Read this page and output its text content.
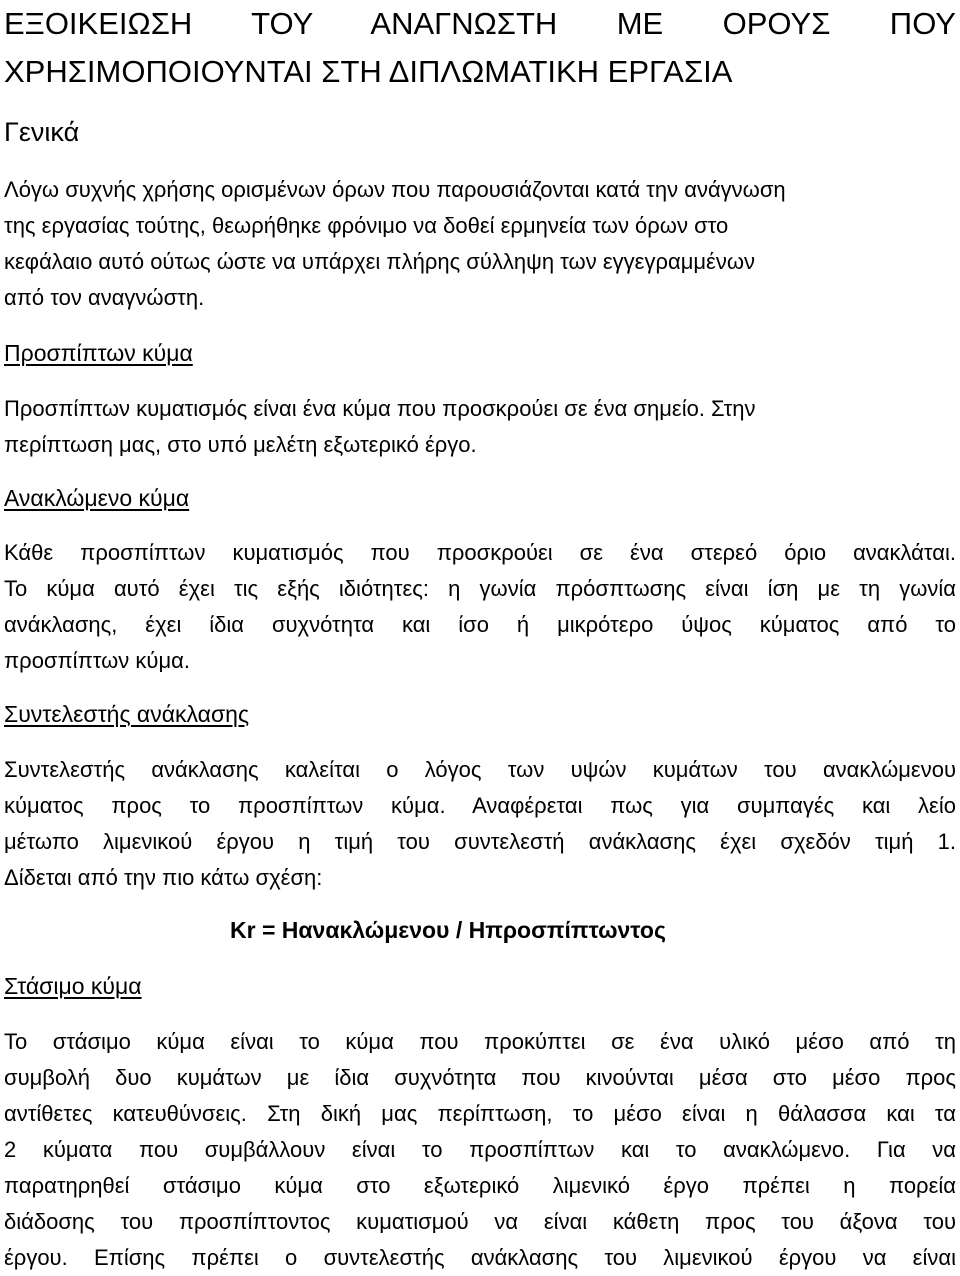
ΕΞΟΙΚΕΙΩΣΗ ΤΟΥ ΑΝΑΓΝΩΣΤΗ ΜΕ ΟΡΟΥΣ ΠΟΥ
ΧΡΗΣΙΜΟΠΟΙΟΥΝΤΑΙ ΣΤΗ ΔΙΠΛΩΜΑΤΙΚΗ ΕΡΓΑΣΙΑ
Γενικά
Λόγω συχνής χρήσης ορισμένων όρων που παρουσιάζονται κατά την ανάγνωση
της εργασίας τούτης, θεωρήθηκε φρόνιμο να δοθεί ερμηνεία των όρων στο
κεφάλαιο αυτό ούτως ώστε να υπάρχει πλήρης σύλληψη των εγγεγραμμένων
από τον αναγνώστη.
Προσπίπτων κύμα
Προσπίπτων κυματισμός είναι ένα κύμα που προσκρούει σε ένα σημείο. Στην
περίπτωση μας, στο υπό μελέτη εξωτερικό έργο.
Ανακλώμενο κύμα
Κάθε προσπίπτων κυματισμός που προσκρούει σε ένα στερεό όριο ανακλάται.
Το κύμα αυτό έχει τις εξής ιδιότητες: η γωνία πρόσπτωσης είναι ίση με τη γωνία
ανάκλασης, έχει ίδια συχνότητα και ίσο ή μικρότερο ύψος κύματος από το
προσπίπτων κύμα.
Συντελεστής ανάκλασης
Συντελεστής ανάκλασης καλείται ο λόγος των υψών κυμάτων του ανακλώμενου
κύματος προς το προσπίπτων κύμα. Αναφέρεται πως για συμπαγές και λείο
μέτωπο λιμενικού έργου η τιμή του συντελεστή ανάκλασης έχει σχεδόν τιμή 1.
Δίδεται από την πιο κάτω σχέση:
Kr = Hανακλώμενου / Hπροσπίπτωντος
Στάσιμο κύμα
Το στάσιμο κύμα είναι το κύμα που προκύπτει σε ένα υλικό μέσο από τη
συμβολή δυο κυμάτων με ίδια συχνότητα που κινούνται μέσα στο μέσο προς
αντίθετες κατευθύνσεις. Στη δική μας περίπτωση, το μέσο είναι η θάλασσα και τα
2 κύματα που συμβάλλουν είναι το προσπίπτων και το ανακλώμενο. Για να
παρατηρηθεί στάσιμο κύμα στο εξωτερικό λιμενικό έργο πρέπει η πορεία
διάδοσης του προσπίπτοντος κυματισμού να είναι κάθετη προς του άξονα του
έργου. Επίσης πρέπει ο συντελεστής ανάκλασης του λιμενικού έργου να είναι
